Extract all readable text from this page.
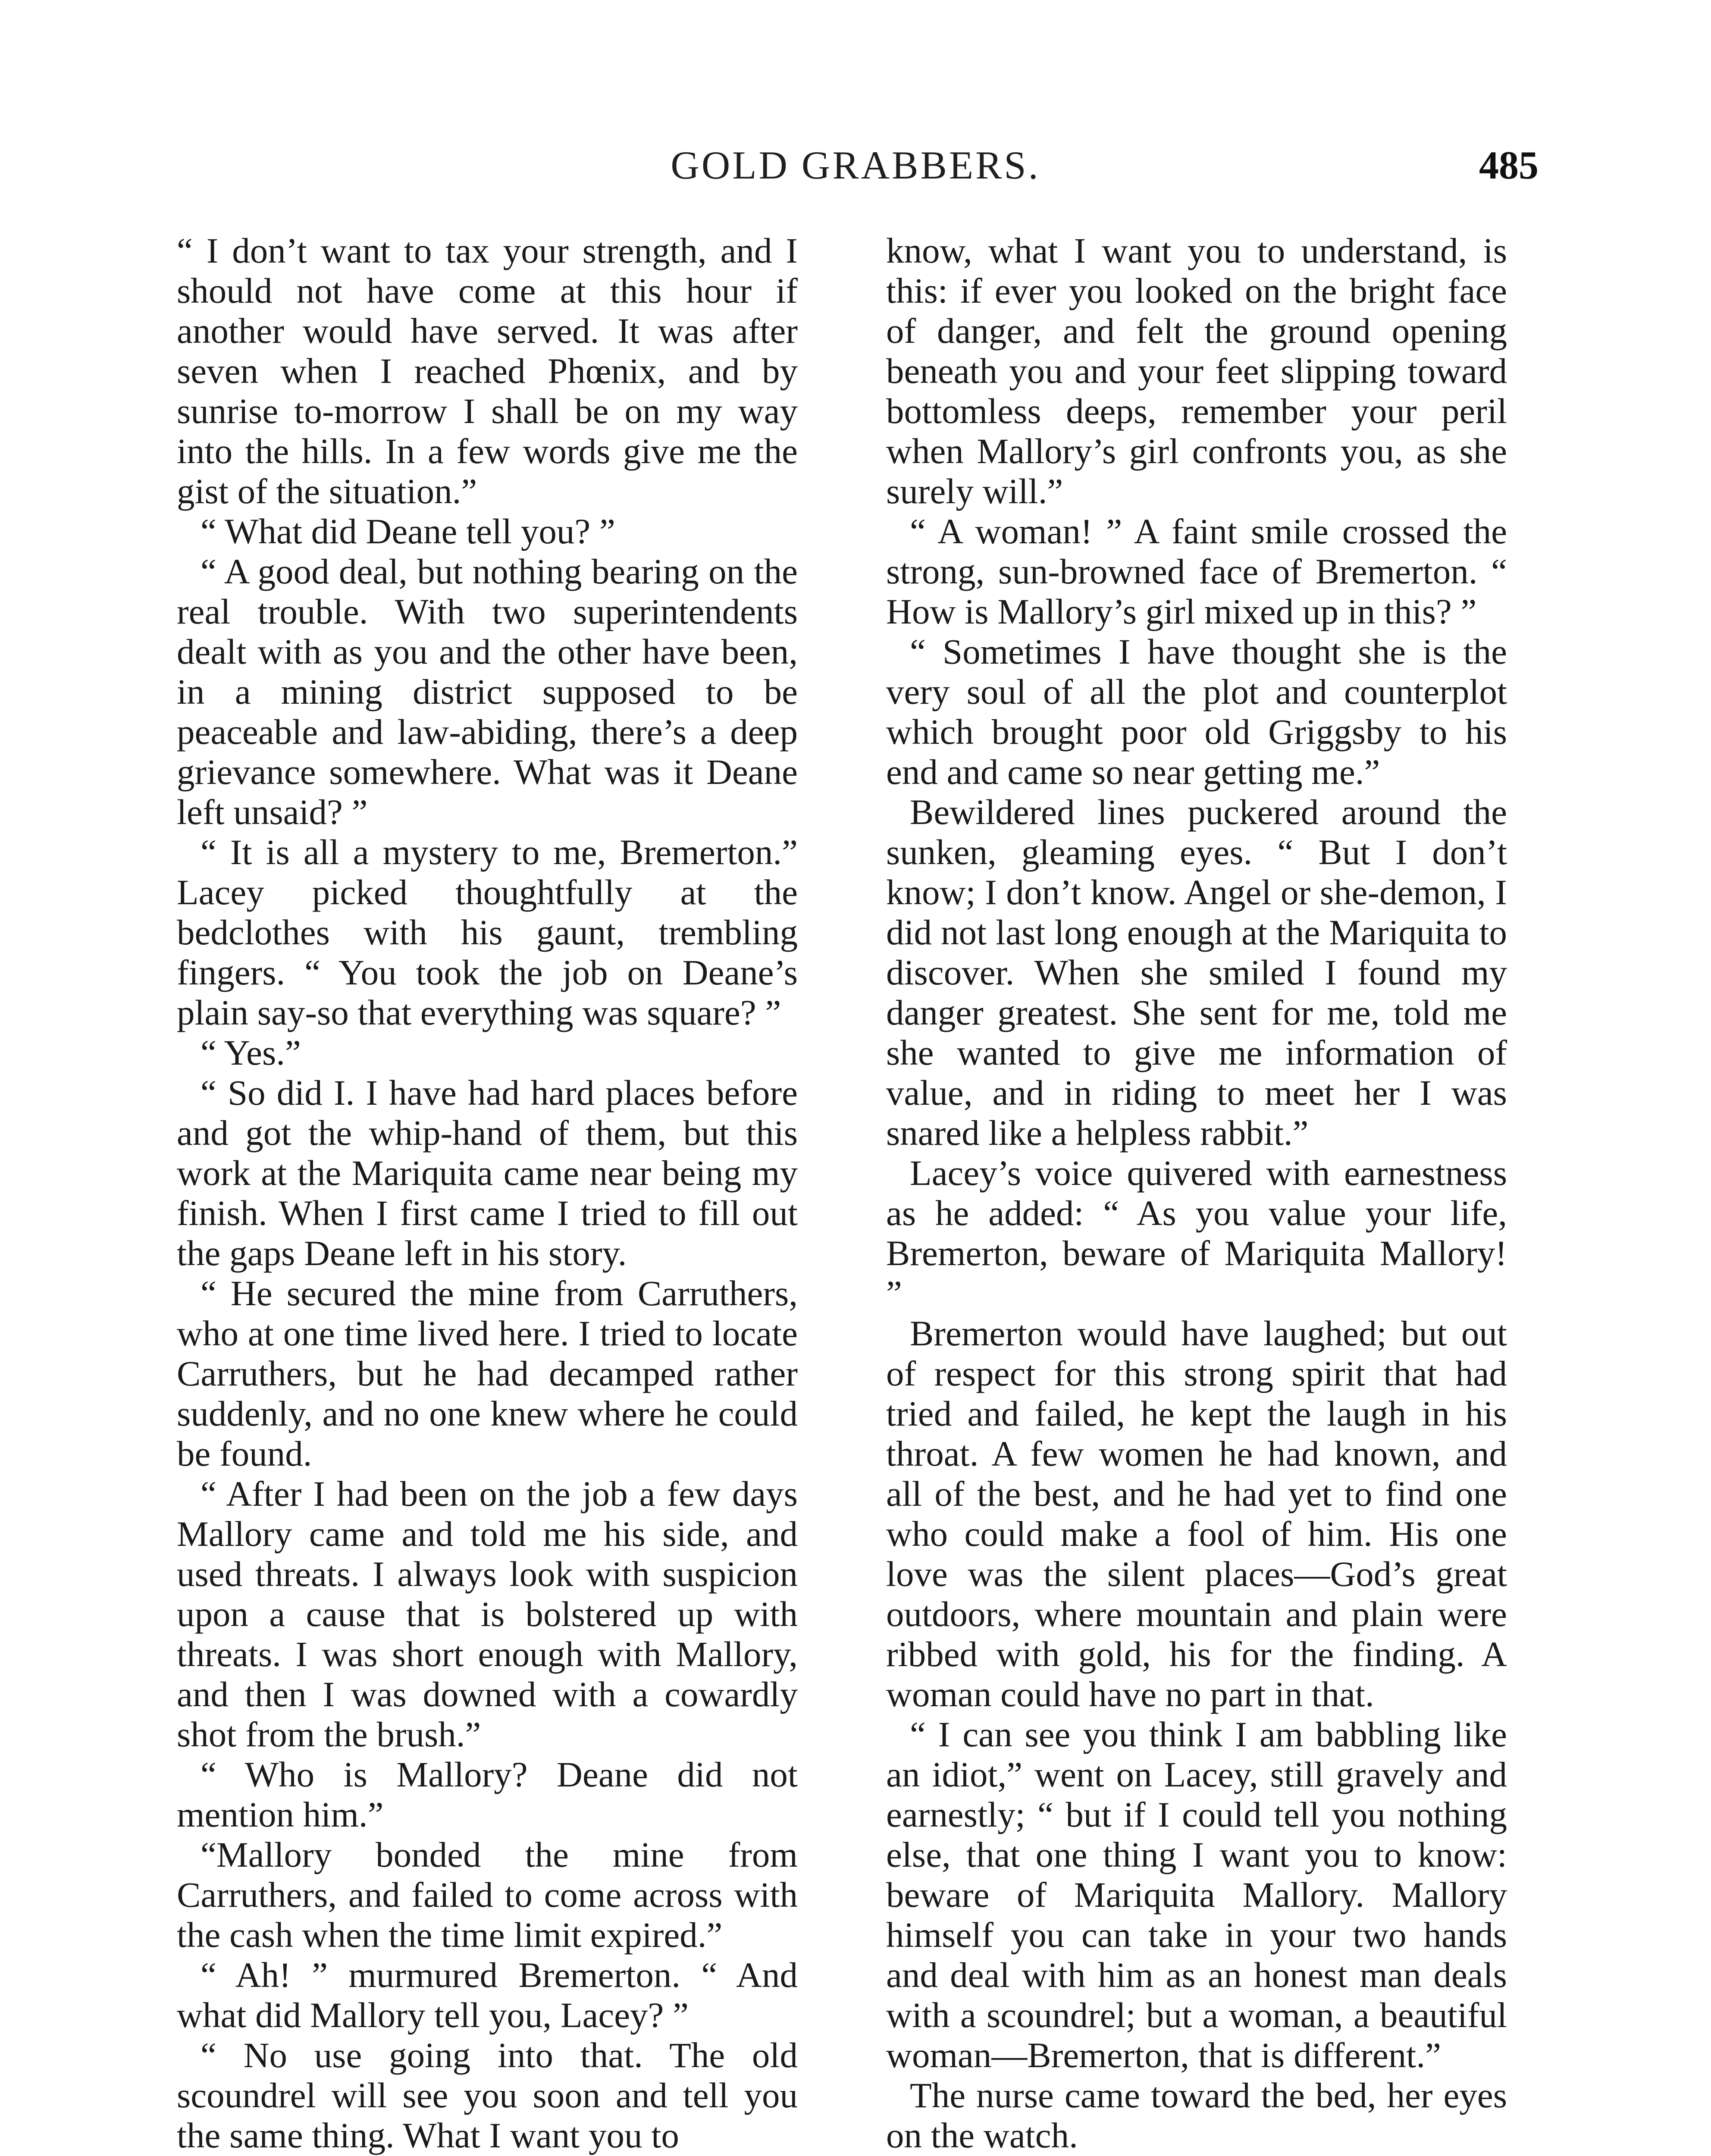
GOLD GRABBERS.	485

“ I don’t want to tax your strength, and I should not have come at this hour if another would have served. It was after seven when I reached Phœnix, and by sunrise to-morrow I shall be on my way into the hills. In a few words give me the gist of the situation.”

“ What did Deane tell you? ”

“ A good deal, but nothing bearing on the real trouble. With two superintendents dealt with as you and the other have been, in a mining district supposed to be peaceable and law-abiding, there’s a deep grievance somewhere. What was it Deane left unsaid? ”

“ It is all a mystery to me, Bremerton.” Lacey picked thoughtfully at the bedclothes with his gaunt, trembling fingers. “ You took the job on Deane’s plain say-so that everything was square? ”

“ Yes.”

“ So did I. I have had hard places before and got the whip-hand of them, but this work at the Mariquita came near being my finish. When I first came I tried to fill out the gaps Deane left in his story.

“ He secured the mine from Carruthers, who at one time lived here. I tried to locate Carruthers, but he had decamped rather suddenly, and no one knew where he could be found.

“ After I had been on the job a few days Mallory came and told me his side, and used threats. I always look with suspicion upon a cause that is bolstered up with threats. I was short enough with Mallory, and then I was downed with a cowardly shot from the brush.”

“ Who is Mallory? Deane did not mention him.”

“Mallory bonded the mine from Carruthers, and failed to come across with the cash when the time limit expired.”

“ Ah! ” murmured Bremerton. “ And what did Mallory tell you, Lacey? ”

“ No use going into that. The old scoundrel will see you soon and tell you the same thing. What I want you to

know, what I want you to understand, is this: if ever you looked on the bright face of danger, and felt the ground opening beneath you and your feet slipping toward bottomless deeps, remember your peril when Mallory’s girl confronts you, as she surely will.”

“ A woman! ” A faint smile crossed the strong, sun-browned face of Bremerton. “ How is Mallory’s girl mixed up in this? ”

“ Sometimes I have thought she is the very soul of all the plot and counterplot which brought poor old Griggsby to his end and came so near getting me.”

Bewildered lines puckered around the sunken, gleaming eyes. “ But I don’t know; I don’t know. Angel or she-demon, I did not last long enough at the Mariquita to discover. When she smiled I found my danger greatest. She sent for me, told me she wanted to give me information of value, and in riding to meet her I was snared like a helpless rabbit.”

Lacey’s voice quivered with earnestness as he added: “ As you value your life, Bremerton, beware of Mariquita Mallory! ”

Bremerton would have laughed; but out of respect for this strong spirit that had tried and failed, he kept the laugh in his throat. A few women he had known, and all of the best, and he had yet to find one who could make a fool of him. His one love was the silent places—God’s great outdoors, where mountain and plain were ribbed with gold, his for the finding. A woman could have no part in that.

“ I can see you think I am babbling like an idiot,” went on Lacey, still gravely and earnestly; “ but if I could tell you nothing else, that one thing I want you to know: beware of Mariquita Mallory. Mallory himself you can take in your two hands and deal with him as an honest man deals with a scoundrel; but a woman, a beautiful woman—Bremerton, that is different.”

The nurse came toward the bed, her eyes on the watch.
